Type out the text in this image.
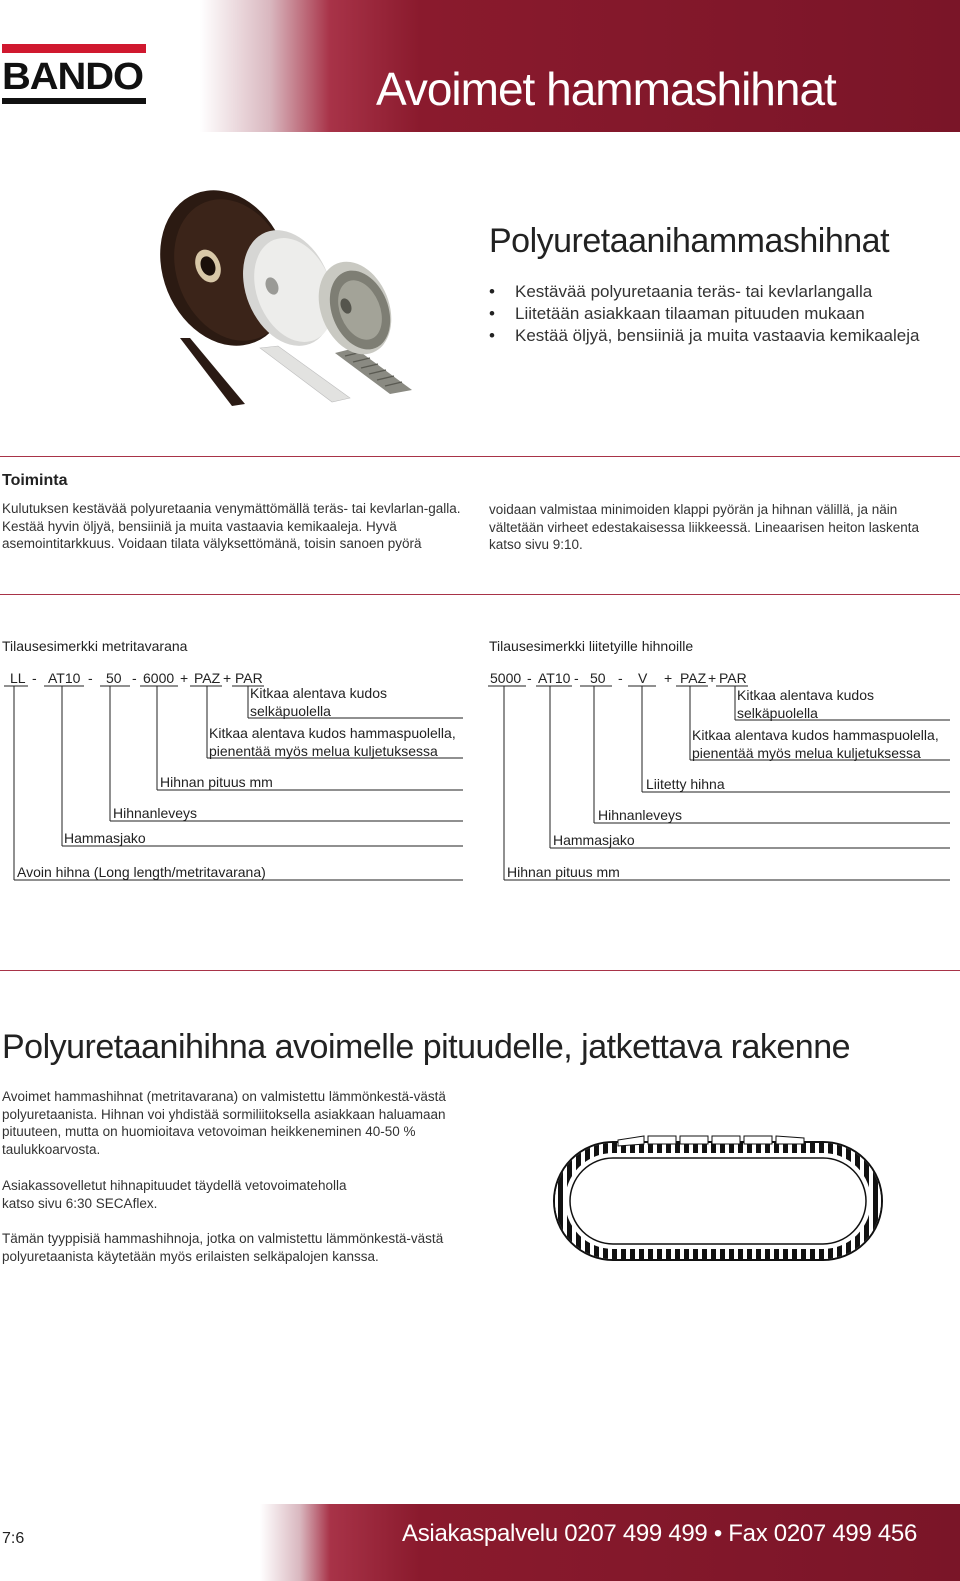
BANDO	Avoimet hammashihnat
Polyuretaanihammashihnat
• Kestävää polyuretaania teräs- tai kevlarlangalla
• Liitetään asiakkaan tilaaman pituuden mukaan
• Kestää öljyä, bensiiniä ja muita vastaavia kemikaaleja
Toiminta
Kulutuksen kestävää polyuretaania venymättömällä teräs- tai kevlarlan-galla. Kestää hyvin öljyä, bensiiniä ja muita vastaavia kemikaaleja. Hyvä asemointitarkkuus. Voidaan tilata välyksettömänä, toisin sanoen pyörä
voidaan valmistaa minimoiden klappi pyörän ja hihnan välillä, ja näin vältetään virheet edestakaisessa liikkeessä. Lineaarisen heiton laskenta katso sivu 9:10.
Tilausesimerkki metritavarana
LL - AT10 - 50 - 6000 + PAZ + PAR
Kitkaa alentava kudos
selkäpuolella
Kitkaa alentava kudos hammaspuolella,
pienentää myös melua kuljetuksessa
Hihnan pituus mm
Hihnanleveys
Hammasjako
Avoin hihna (Long length/metritavarana)
Tilausesimerkki liitetyille hihnoille
5000 - AT10 - 50 - V + PAZ + PAR
Kitkaa alentava kudos
selkäpuolella
Kitkaa alentava kudos hammaspuolella,
pienentää myös melua kuljetuksessa
Liitetty hihna
Hihnanleveys
Hammasjako
Hihnan pituus mm
Polyuretaanihihna avoimelle pituudelle, jatkettava rakenne
Avoimet hammashihnat (metritavarana) on valmistettu lämmönkestä-västä polyuretaanista. Hihnan voi yhdistää sormiliitoksella asiakkaan haluamaan pituuteen, mutta on huomioitava vetovoiman heikkeneminen 40-50 % taulukkoarvosta.
Asiakassovelletut hihnapituudet täydellä vetovoimateholla katso sivu 6:30 SECAflex.
Tämän tyyppisiä hammashihnoja, jotka on valmistettu lämmönkestä-västä polyuretaanista käytetään myös erilaisten selkäpalojen kanssa.
7:6	Asiakaspalvelu 0207 499 499 • Fax 0207 499 456
